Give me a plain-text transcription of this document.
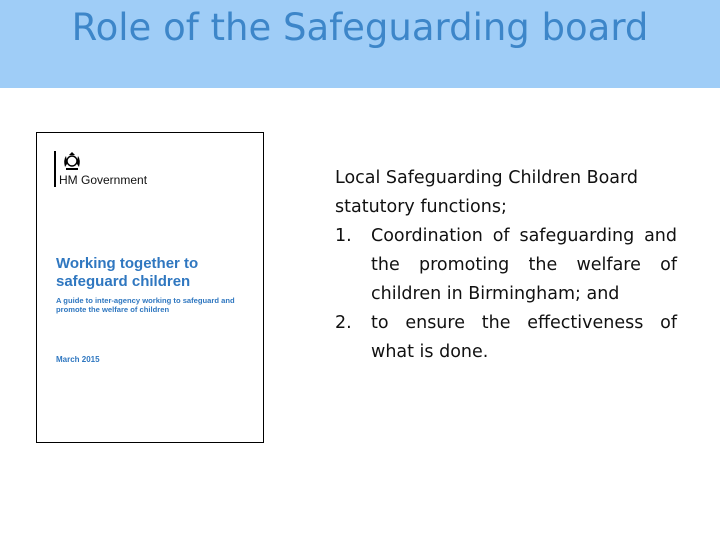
Role of the Safeguarding board
HM Government
Working together to safeguard children
A guide to inter-agency working to safeguard and promote the welfare of children
March 2015

Local Safeguarding Children Board statutory functions;

1.	Coordination of safeguarding and the promoting the welfare of children in Birmingham; and
2.	to ensure the effectiveness of what is done.
